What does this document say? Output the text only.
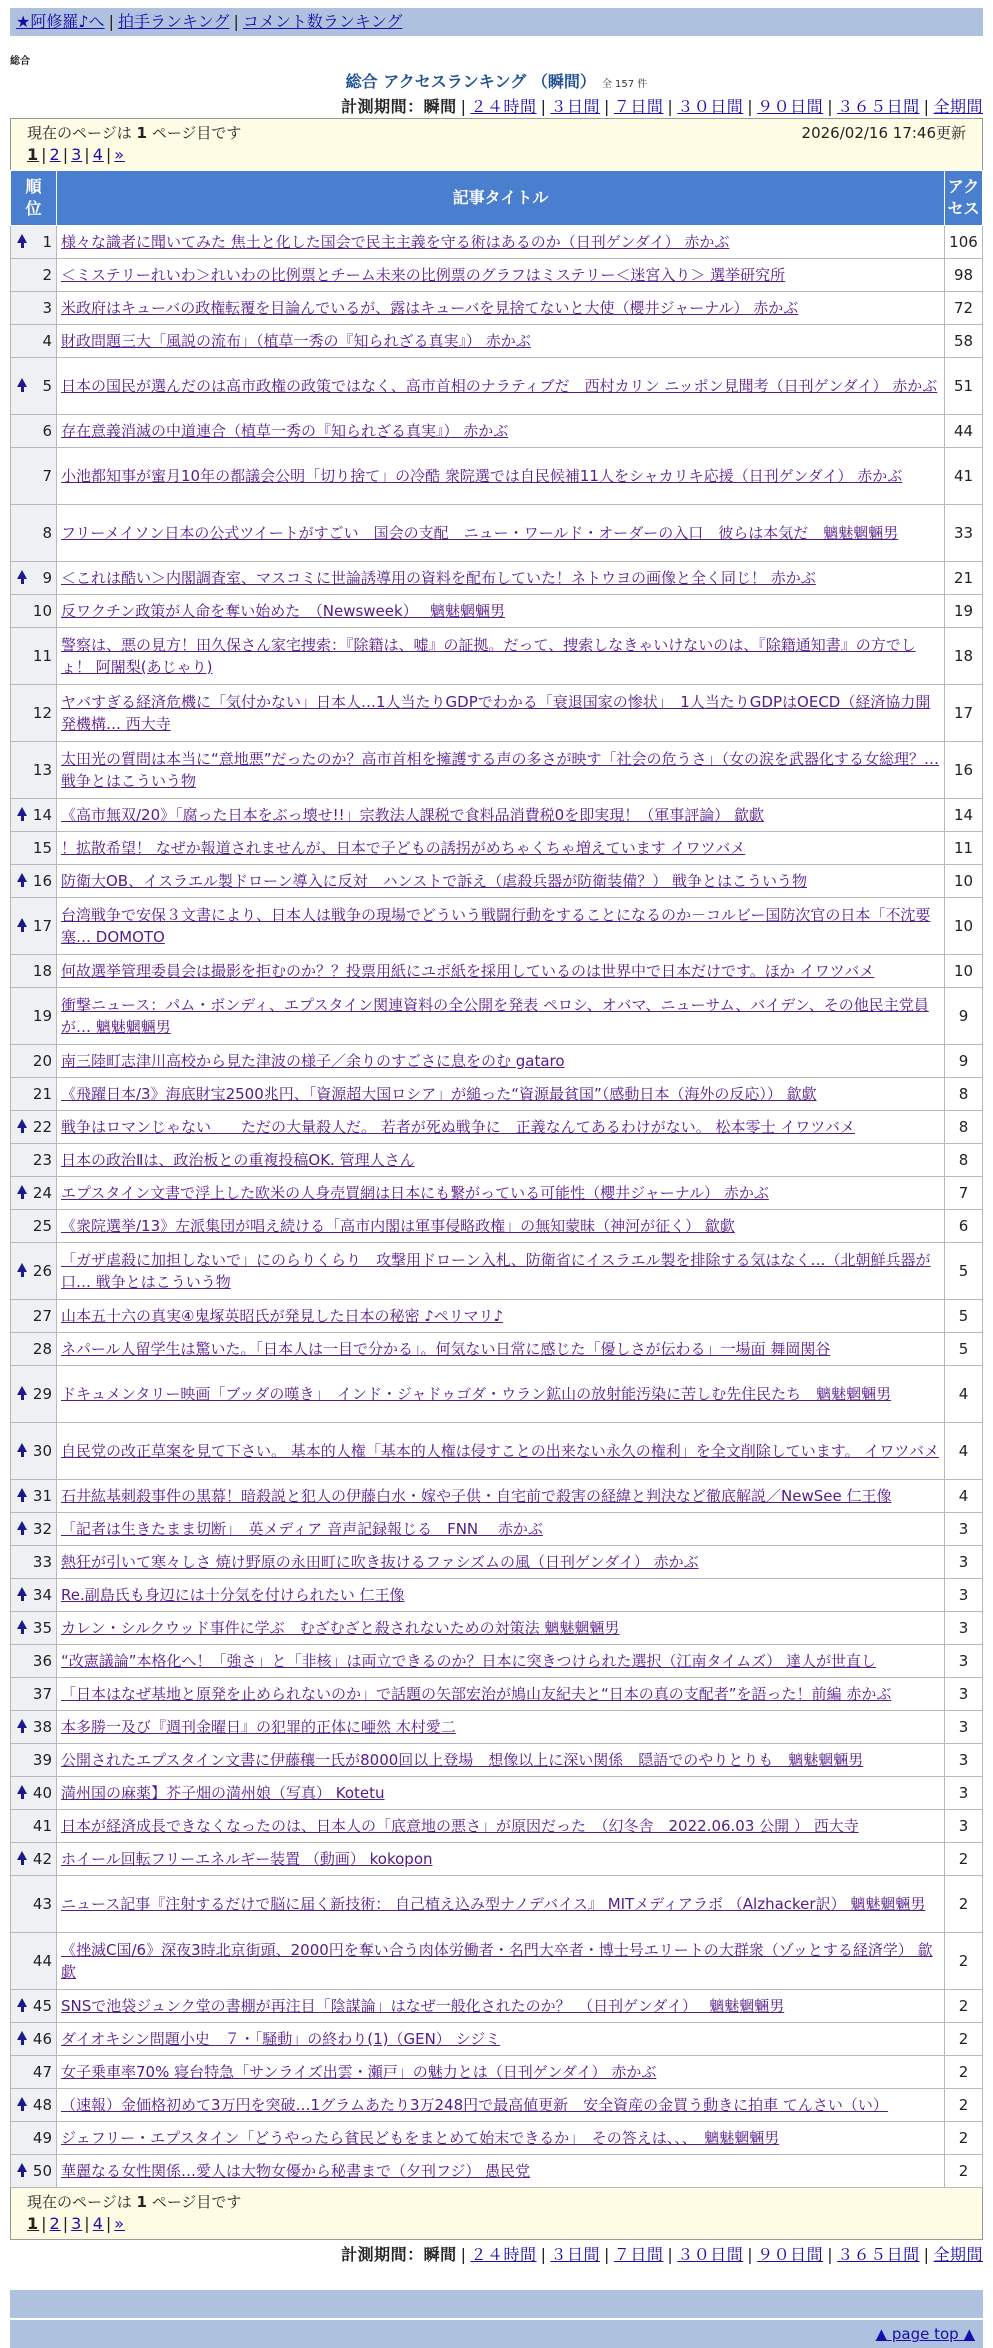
★阿修羅♪へ | 拍手ランキング | コメント数ランキング
総合
総合 アクセスランキング （瞬間） 全 157 件
計測期間：瞬間 | ２４時間 | ３日間 | ７日間 | ３０日間 | ９０日間 | ３６５日間 | 全期間
現在のページは 1 ページ目です	2026/02/16 17:46更新
1 | 2 | 3 | 4 | »
順
位	記事タイトル	アク
セス

1	様々な識者に聞いてみた 焦土と化した国会で民主主義を守る術はあるのか（日刊ゲンダイ） 赤かぶ	106
2	＜ミステリーれいわ＞れいわの比例票とチーム未来の比例票のグラフはミステリー＜迷宮入り＞ 選挙研究所	98
3	米政府はキューバの政権転覆を目論んでいるが、露はキューバを見捨てないと大使（櫻井ジャーナル） 赤かぶ	72
4	財政問題三大「風説の流布」（植草一秀の『知られざる真実』） 赤かぶ	58

5	日本の国民が選んだのは高市政権の政策ではなく、高市首相のナラティブだ　西村カリン ニッポン見聞考（日刊ゲンダイ） 赤かぶ	51
6	存在意義消滅の中道連合（植草一秀の『知られざる真実』） 赤かぶ	44
7	小池都知事が蜜月10年の都議会公明「切り捨て」の冷酷 衆院選では自民候補11人をシャカリキ応援（日刊ゲンダイ） 赤かぶ	41
8	フリーメイソン日本の公式ツイートがすごい　国会の支配　ニュー・ワールド・オーダーの入口　彼らは本気だ　魑魅魍魎男	33

9	＜これは酷い＞内閣調査室、マスコミに世論誘導用の資料を配布していた！ネトウヨの画像と全く同じ！ 赤かぶ	21
10	反ワクチン政策が人命を奪い始めた　（Newsweek）　 魑魅魍魎男	19
11	警察は、悪の見方！田久保さん家宅捜索：『除籍は、嘘』の証拠。だって、捜索しなきゃいけないのは、『除籍通知書』の方でしょ！ 阿闍梨(あじゃり)	18
12	ヤバすぎる経済危機に「気付かない」日本人…1人当たりGDPでわかる「衰退国家の惨状」　1人当たりGDPはOECD（経済協力開発機構… 西大寺	17
13	太田光の質問は本当に“意地悪”だったのか？高市首相を擁護する声の多さが映す「社会の危うさ」（女の涙を武器化する女総理？… 戦争とはこういう物	16

14	《高市無双/20》「腐った日本をぶっ壊せ!!」宗教法人課税で食料品消費税0を即実現！（軍事評論） 歙歔	14
15	！拡散希望！ なぜか報道されませんが、日本で子どもの誘拐がめちゃくちゃ増えています イワツバメ	11

16	防衛大OB、イスラエル製ドローン導入に反対　ハンストで訴え（虐殺兵器が防衛装備？） 戦争とはこういう物	10

17	台湾戦争で安保３文書により、日本人は戦争の現場でどういう戦闘行動をすることになるのか－コルビー国防次官の日本「不沈要塞… DOMOTO	10
18	何故選挙管理委員会は撮影を拒むのか？？投票用紙にユポ紙を採用しているのは世界中で日本だけです。ほか イワツバメ	10
19	衝撃ニュース：パム・ボンディ、エプスタイン関連資料の全公開を発表 ペロシ、オバマ、ニューサム、バイデン、その他民主党員が… 魑魅魍魎男	9
20	南三陸町志津川高校から見た津波の様子／余りのすごさに息をのむ gataro	9
21	《飛躍日本/3》海底財宝2500兆円、「資源超大国ロシア」が縋った“資源最貧国”（感動日本（海外の反応）） 歙歔	8

22	戦争はロマンじゃない　　ただの大量殺人だ。 若者が死ぬ戦争に　正義なんてあるわけがない。 松本零士 イワツバメ	8
23	日本の政治Ⅱは、政治板との重複投稿OK. 管理人さん	8

24	エプスタイン文書で浮上した欧米の人身売買網は日本にも繋がっている可能性（櫻井ジャーナル） 赤かぶ	7
25	《衆院選挙/13》左派集団が唱え続ける「高市内閣は軍事侵略政権」の無知蒙昧（神河が征く） 歙歔	6

26	「ガザ虐殺に加担しないで」にのらりくらり　攻撃用ドローン入札、防衛省にイスラエル製を排除する気はなく…（北朝鮮兵器が口… 戦争とはこういう物	5
27	山本五十六の真実④鬼塚英昭氏が発見した日本の秘密 ♪ペリマリ♪	5
28	ネパール人留学生は驚いた。「日本人は一目で分かる」。何気ない日常に感じた「優しさが伝わる」一場面 舞岡関谷	5

29	ドキュメンタリー映画「ブッダの嘆き」　インド・ジャドゥゴダ・ウラン鉱山の放射能汚染に苦しむ先住民たち　魑魅魍魎男	4

30	自民党の改正草案を見て下さい。 基本的人権「基本的人権は侵すことの出来ない永久の権利」を全文削除しています。 イワツバメ	4

31	石井紘基刺殺事件の黒幕！暗殺説と犯人の伊藤白水・嫁や子供・自宅前で殺害の経緯と判決など徹底解説／NewSee 仁王像	4

32	「記者は生きたまま切断」　英メディア 音声記録報じる　FNN　 赤かぶ	3
33	熱狂が引いて寒々しさ 焼け野原の永田町に吹き抜けるファシズムの風（日刊ゲンダイ） 赤かぶ	3

34	Re.副島氏も身辺には十分気を付けられたい 仁王像	3

35	カレン・シルクウッド事件に学ぶ　むざむざと殺されないための対策法 魑魅魍魎男	3
36	“改憲議論”本格化へ！「強さ」と「非核」は両立できるのか？日本に突きつけられた選択（江南タイムズ） 達人が世直し	3
37	「日本はなぜ基地と原発を止められないのか」で話題の矢部宏治が鳩山友紀夫と“日本の真の支配者”を語った！前編 赤かぶ	3

38	本多勝一及び『週刊金曜日』の犯罪的正体に唖然 木村愛二	3
39	公開されたエプスタイン文書に伊藤穰一氏が8000回以上登場　想像以上に深い関係　隠語でのやりとりも　魑魅魍魎男	3

40	満州国の麻薬】芥子畑の満州娘（写真） Kotetu	3
41	日本が経済成長できなくなったのは、日本人の「底意地の悪さ」が原因だった　（幻冬舎　2022.06.03 公開 ） 西大寺	3

42	ホイール回転フリーエネルギー装置 （動画） kokopon	2
43	ニュース記事『注射するだけで脳に届く新技術： 自己植え込み型ナノデバイス』 MITメディアラボ （Alzhacker訳） 魑魅魍魎男	2
44	《挫滅C国/6》深夜3時北京街頭、2000円を奪い合う肉体労働者・名門大卒者・博士号エリートの大群衆（ゾッとする経済学） 歙歔	2

45	SNSで池袋ジュンク堂の書棚が再注目「陰謀論」はなぜ一般化されたのか？　（日刊ゲンダイ）　 魑魅魍魎男	2

46	ダイオキシン問題小史　７・「騒動」の終わり(1)（GEN） シジミ	2
47	女子乗車率70% 寝台特急「サンライズ出雲・瀬戸」の魅力とは（日刊ゲンダイ） 赤かぶ	2

48	（速報）金価格初めて3万円を突破…1グラムあたり3万248円で最高値更新　安全資産の金買う動きに拍車 てんさい（い）	2
49	ジェフリー・エプスタイン「どうやったら貧民どもをまとめて始末できるか」　その答えは、、、　魑魅魍魎男	2

50	華麗なる女性関係…愛人は大物女優から秘書まで（夕刊フジ） 愚民党	2
現在のページは 1 ページ目です
1 | 2 | 3 | 4 | »
計測期間：瞬間 | ２４時間 | ３日間 | ７日間 | ３０日間 | ９０日間 | ３６５日間 | 全期間
▲ page top ▲
